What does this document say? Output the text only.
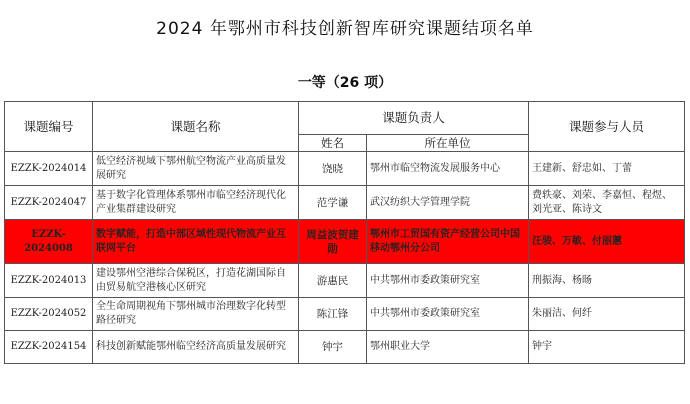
2024 年鄂州市科技创新智库研究课题结项名单
一等（26 项）
课题编号	课题名称	课题负责人		课题参与人员
		姓名	所在单位	
EZZK-2024014	低空经济视域下鄂州航空物流产业高质量发展研究	饶晓	鄂州市临空物流发展服务中心	王建新、舒忠如、丁蕾
EZZK-2024047	基于数字化管理体系鄂州市临空经济现代化产业集群建设研究	范学谦	武汉纺织大学管理学院	费轶豪、刘荣、李嘉恒、程煜、刘光亚、陈诗文
EZZK-2024008	数字赋能，打造中部区域性现代物流产业互联网平台	周益波贺建勋	鄂州市工贸国有资产经营公司中国移动鄂州分公司	汪骏、万敏、付丽蕙
EZZK-2024013	建设鄂州空港综合保税区，打造花湖国际自由贸易航空港核心区研究	游惠民	中共鄂州市委政策研究室	刑振海、杨旸
EZZK-2024052	全生命周期视角下鄂州城市治理数字化转型路径研究	陈江锋	中共鄂州市委政策研究室	朱丽洁、何纤
EZZK-2024154	科技创新赋能鄂州临空经济高质量发展研究	钟宇	鄂州职业大学	钟宇
